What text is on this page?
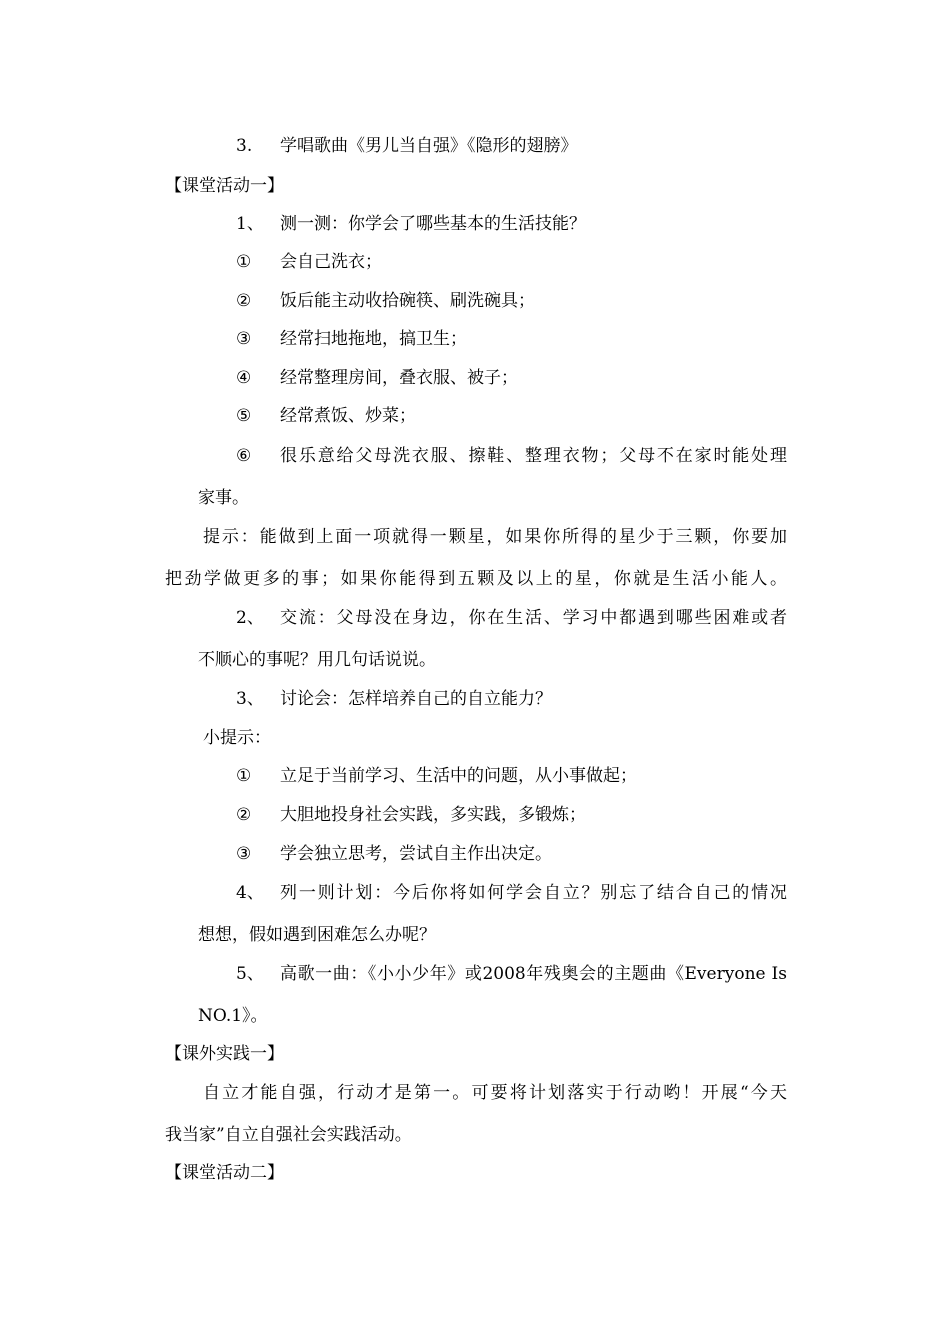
3. 学唱歌曲《男儿当自强》《隐形的翅膀》
【课堂活动一】
1、 测一测：你学会了哪些基本的生活技能？
① 会自己洗衣；
② 饭后能主动收拾碗筷、刷洗碗具；
③ 经常扫地拖地，搞卫生；
④ 经常整理房间，叠衣服、被子；
⑤ 经常煮饭、炒菜；
⑥ 很乐意给父母洗衣服、擦鞋、整理衣物；父母不在家时能处理
家事。
提示：能做到上面一项就得一颗星，如果你所得的星少于三颗，你要加
把劲学做更多的事；如果你能得到五颗及以上的星，你就是生活小能人。
2、 交流：父母没在身边，你在生活、学习中都遇到哪些困难或者
不顺心的事呢？用几句话说说。
3、 讨论会：怎样培养自己的自立能力？
小提示：
① 立足于当前学习、生活中的问题，从小事做起；
② 大胆地投身社会实践，多实践，多锻炼；
③ 学会独立思考，尝试自主作出决定。
4、 列一则计划：今后你将如何学会自立？别忘了结合自己的情况
想想，假如遇到困难怎么办呢？
5、 高歌一曲：《小小少年》或2008年残奥会的主题曲《Everyone Is
NO.1》。
【课外实践一】
自立才能自强，行动才是第一。可要将计划落实于行动哟！开展“今天
我当家”自立自强社会实践活动。
【课堂活动二】
